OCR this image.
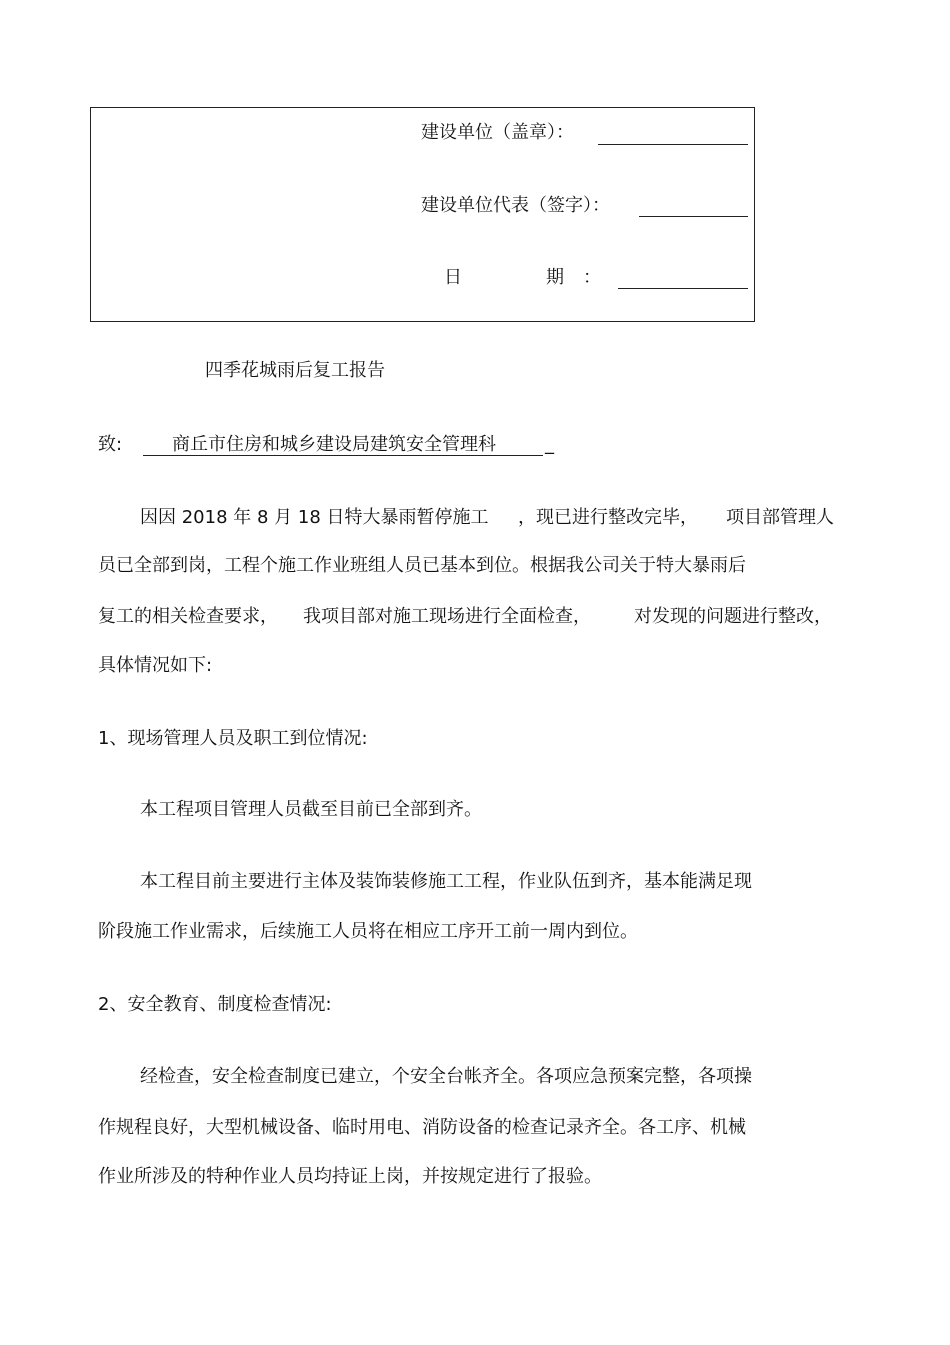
建设单位（盖章）：
建设单位代表（签字）：
日	期 ：
四季花城雨后复工报告
致:	商丘市住房和城乡建设局建筑安全管理科	_
因因 2018 年 8 月 18 日特大暴雨暂停施工 ，现已进行整改完毕， 项目部管理人
员已全部到岗，工程个施工作业班组人员已基本到位。根据我公司关于特大暴雨后
复工的相关检查要求， 我项目部对施工现场进行全面检查， 对发现的问题进行整改，
具体情况如下:
1、现场管理人员及职工到位情况:
本工程项目管理人员截至目前已全部到齐。
本工程目前主要进行主体及装饰装修施工工程，作业队伍到齐，基本能满足现
阶段施工作业需求，后续施工人员将在相应工序开工前一周内到位。
2、安全教育、制度检查情况:
经检查，安全检查制度已建立，个安全台帐齐全。各项应急预案完整，各项操
作规程良好，大型机械设备、临时用电、消防设备的检查记录齐全。各工序、机械
作业所涉及的特种作业人员均持证上岗，并按规定进行了报验。
